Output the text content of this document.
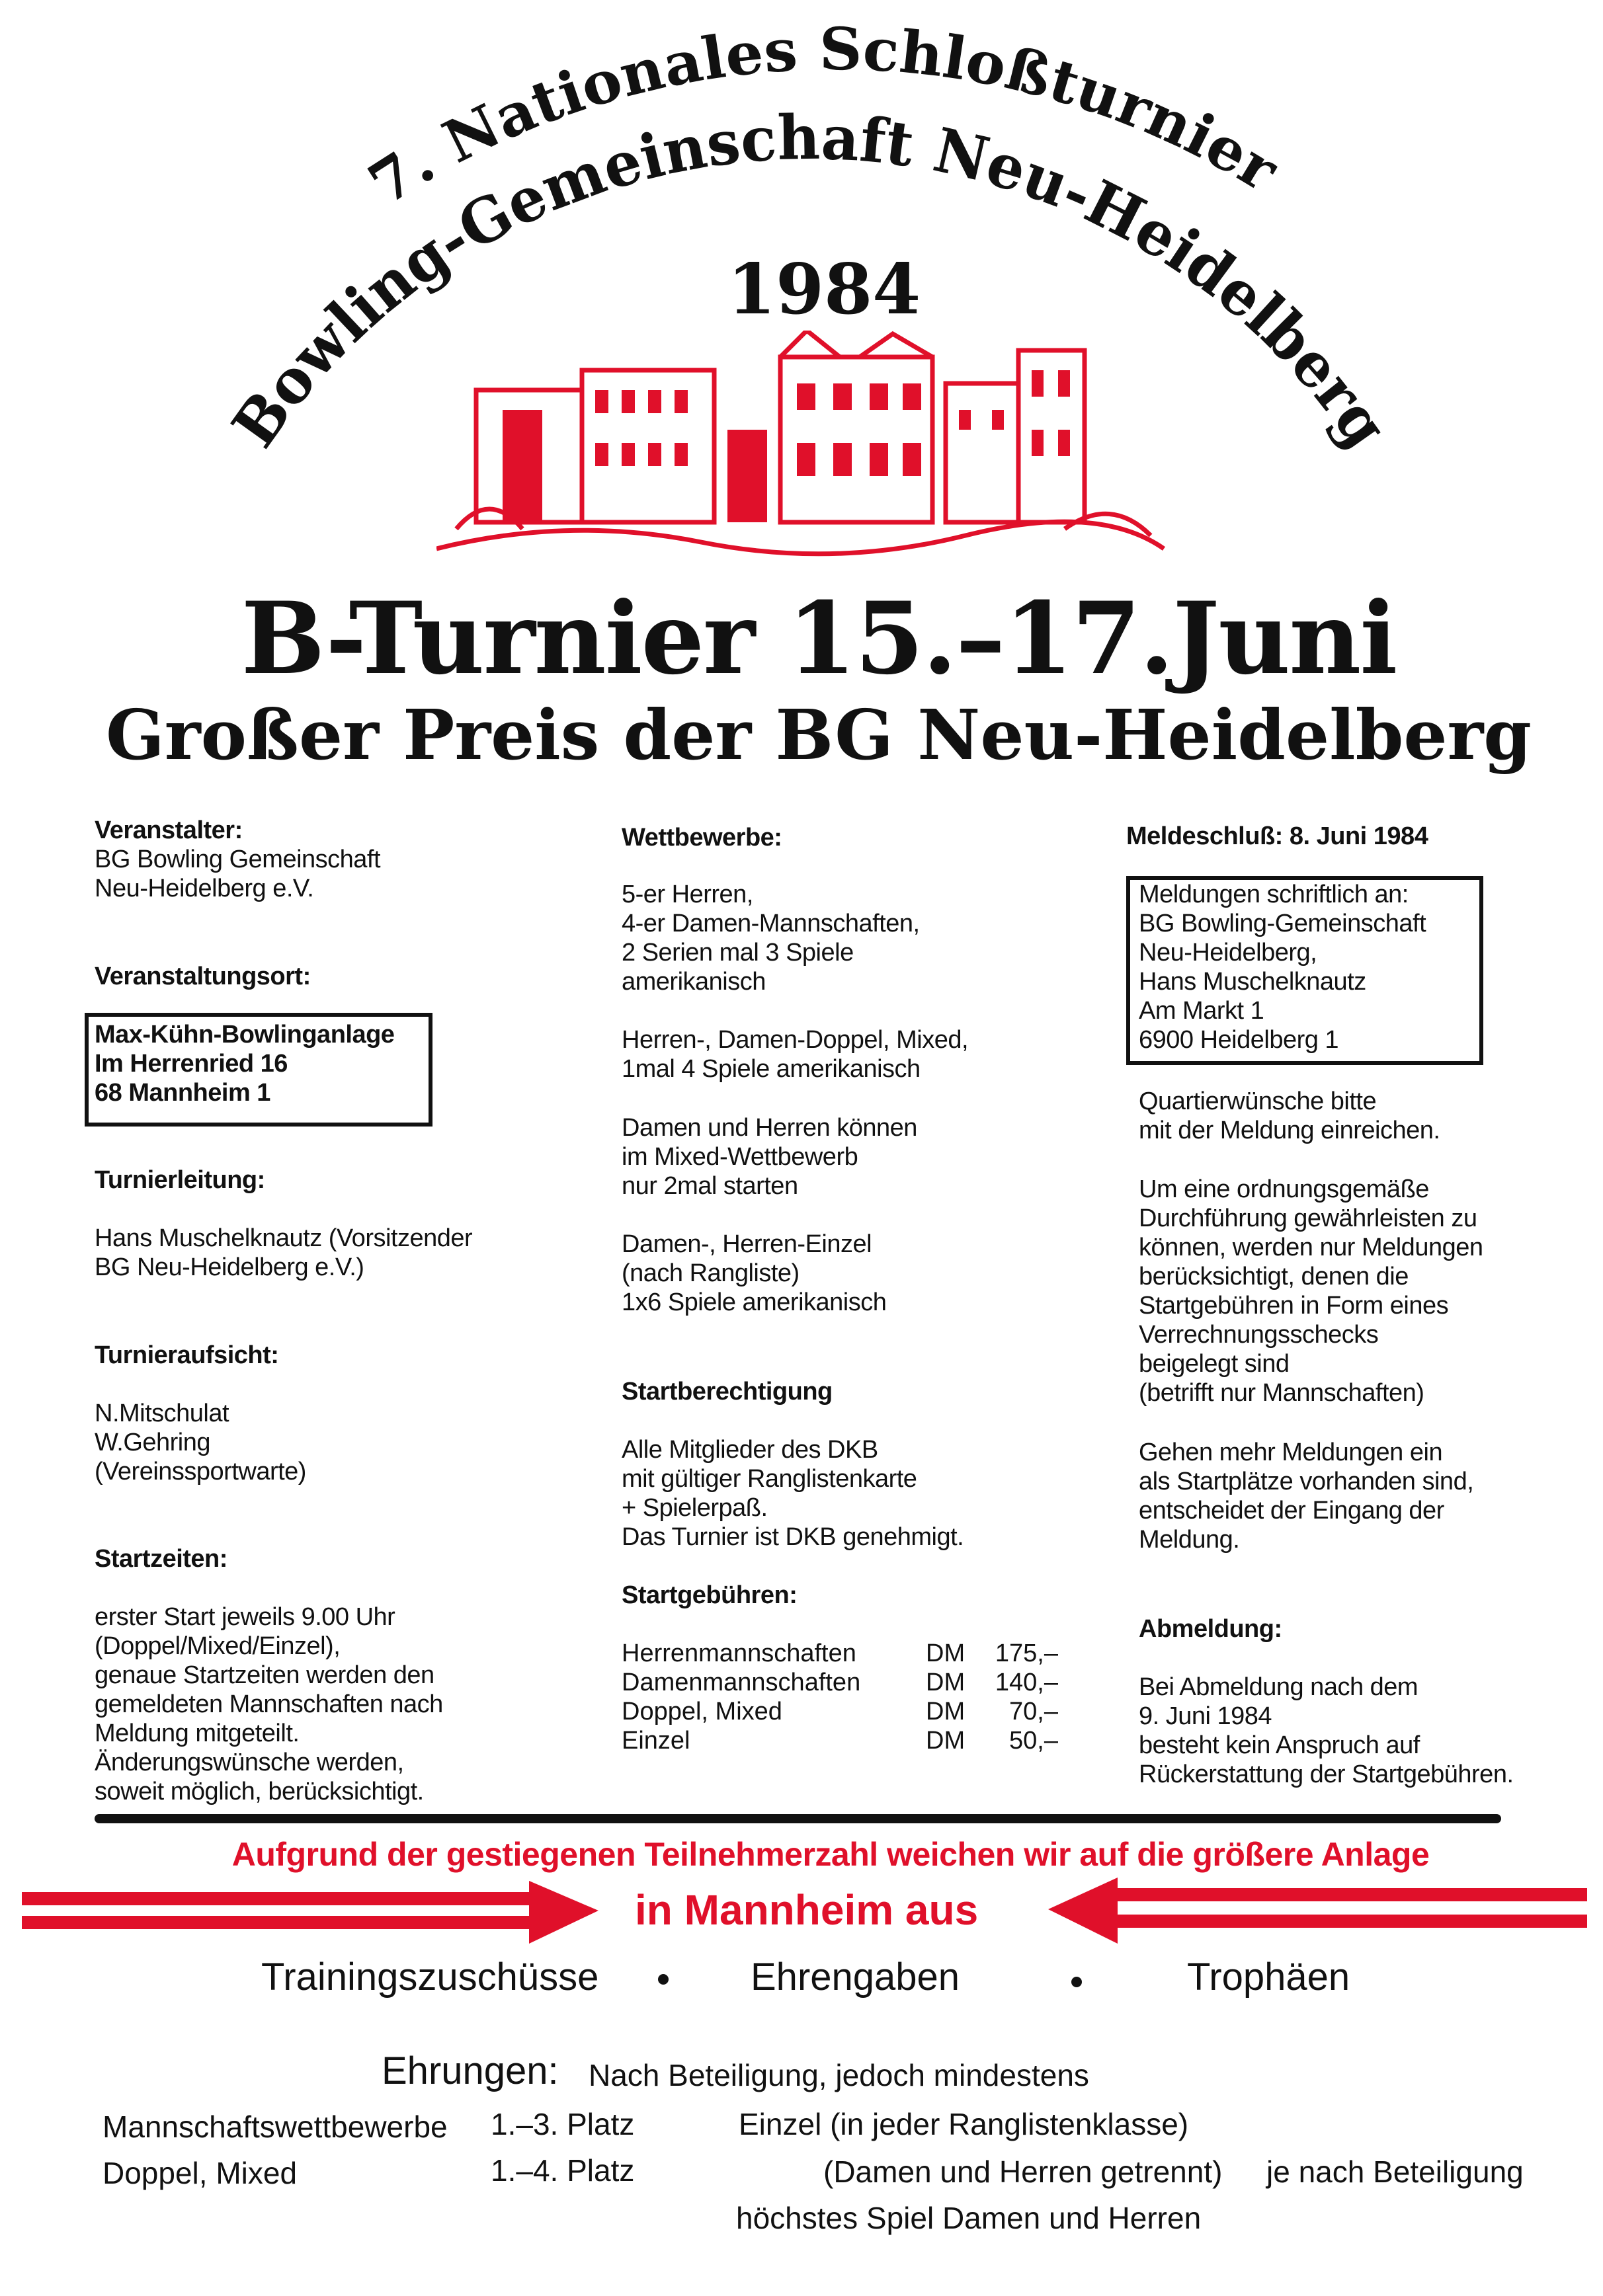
7. Nationales Schloßturnier
Bowling-Gemeinschaft Neu-Heidelberg
1984
B-Turnier 15.–17.Juni
Großer Preis der BG Neu-Heidelberg
Veranstalter:
BG Bowling Gemeinschaft
Neu-Heidelberg e.V.
Veranstaltungsort:
Max-Kühn-Bowlinganlage
Im Herrenried 16
68 Mannheim 1
Turnierleitung:
Hans Muschelknautz (Vorsitzender
BG Neu-Heidelberg e.V.)
Turnieraufsicht:
N.Mitschulat
W.Gehring
(Vereinssportwarte)
Startzeiten:
erster Start jeweils 9.00 Uhr
(Doppel/Mixed/Einzel),
genaue Startzeiten werden den
gemeldeten Mannschaften nach
Meldung mitgeteilt.
Änderungswünsche werden,
soweit möglich, berücksichtigt.
Wettbewerbe:
5-er Herren,
4-er Damen-Mannschaften,
2 Serien mal 3 Spiele
amerikanisch
Herren-, Damen-Doppel, Mixed,
1mal 4 Spiele amerikanisch
Damen und Herren können
im Mixed-Wettbewerb
nur 2mal starten
Damen-, Herren-Einzel
(nach Rangliste)
1x6 Spiele amerikanisch
Startberechtigung
Alle Mitglieder des DKB
mit gültiger Ranglistenkarte
+ Spielerpaß.
Das Turnier ist DKB genehmigt.
Startgebühren:
Herrenmannschaften	DM	175,–
Damenmannschaften	DM	140,–
Doppel, Mixed	DM	70,–
Einzel	DM	50,–
Meldeschluß: 8. Juni 1984
Meldungen schriftlich an:
BG Bowling-Gemeinschaft
Neu-Heidelberg,
Hans Muschelknautz
Am Markt 1
6900 Heidelberg 1
Quartierwünsche bitte
mit der Meldung einreichen.
Um eine ordnungsgemäße
Durchführung gewährleisten zu
können, werden nur Meldungen
berücksichtigt, denen die
Startgebühren in Form eines
Verrechnungsschecks
beigelegt sind
(betrifft nur Mannschaften)
Gehen mehr Meldungen ein
als Startplätze vorhanden sind,
entscheidet der Eingang der
Meldung.
Abmeldung:
Bei Abmeldung nach dem
9. Juni 1984
besteht kein Anspruch auf
Rückerstattung der Startgebühren.
Aufgrund der gestiegenen Teilnehmerzahl weichen wir auf die größere Anlage
in Mannheim aus
Trainingszuschüsse	Ehrengaben	Trophäen
Ehrungen: Nach Beteiligung, jedoch mindestens
Mannschaftswettbewerbe 1.–3. Platz	Einzel (in jeder Ranglistenklasse)
Doppel, Mixed	1.–4. Platz	(Damen und Herren getrennt) je nach Beteiligung
höchstes Spiel Damen und Herren
